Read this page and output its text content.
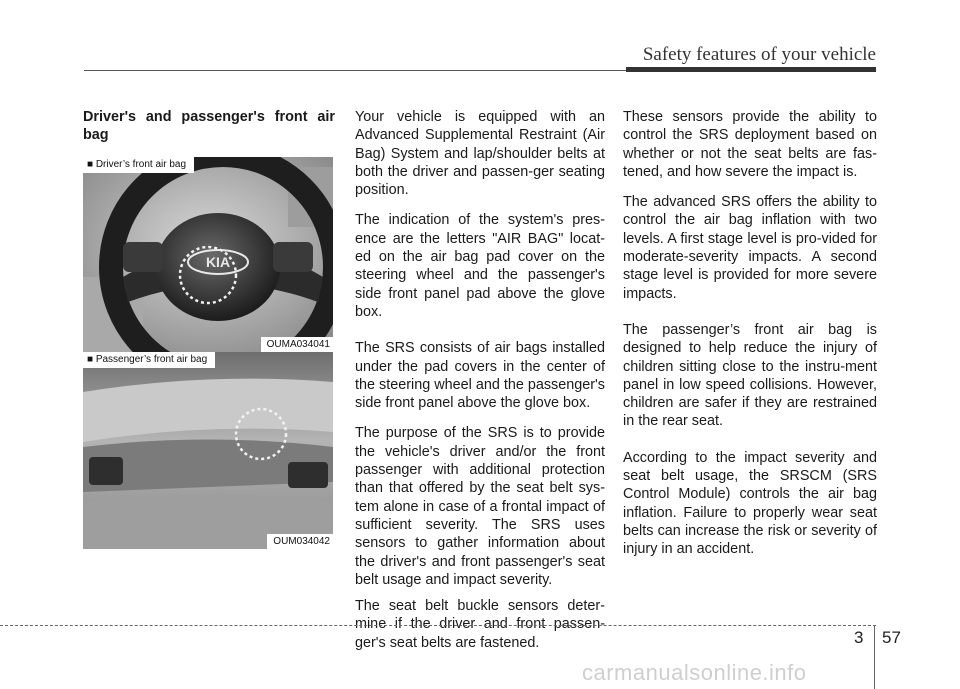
Safety features of your vehicle

Driver's and passenger's front air bag

KIA
■ Driver’s front air bag
OUMA034041
■ Passenger’s front air bag
OUM034042

Your vehicle is equipped with an Advanced Supplemental Restraint (Air Bag) System and lap/shoulder belts at both the driver and passen-ger seating position.

The indication of the system's pres-ence are the letters "AIR BAG" locat-ed on the air bag pad cover on the steering wheel and the passenger's side front panel pad above the glove box.

The SRS consists of air bags installed under the pad covers in the center of the steering wheel and the passenger's side front panel above the glove box.

The purpose of the SRS is to provide the vehicle's driver and/or the front passenger with additional protection than that offered by the seat belt sys-tem alone in case of a frontal impact of sufficient severity. The SRS uses sensors to gather information about the driver's and front passenger's seat belt usage and impact severity.

The seat belt buckle sensors deter-mine if the driver and front passen-ger's seat belts are fastened.

These sensors provide the ability to control the SRS deployment based on whether or not the seat belts are fas-tened, and how severe the impact is.

The advanced SRS offers the ability to control the air bag inflation with two levels. A first stage level is pro-vided for moderate-severity impacts. A second stage level is provided for more severe impacts.

The passenger’s front air bag is designed to help reduce the injury of children sitting close to the instru-ment panel in low speed collisions. However, children are safer if they are restrained in the rear seat.

According to the impact severity and seat belt usage, the SRSCM (SRS Control Module) controls the air bag inflation. Failure to properly wear seat belts can increase the risk or severity of injury in an accident.

3 57
carmanualsonline.info
